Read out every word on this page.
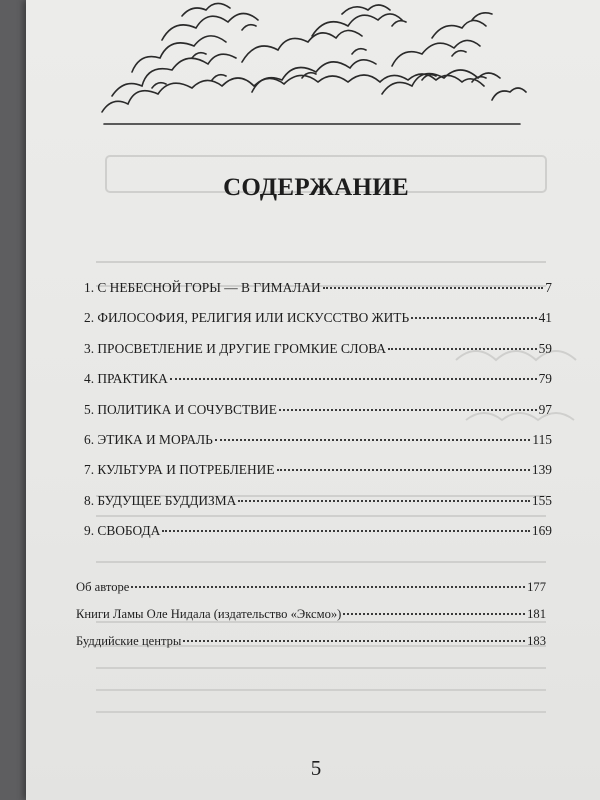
СОДЕРЖАНИЕ
1. С НЕБЕСНОЙ ГОРЫ — В ГИМАЛАИ	7
2. ФИЛОСОФИЯ, РЕЛИГИЯ ИЛИ ИСКУССТВО ЖИТЬ	41
3. ПРОСВЕТЛЕНИЕ И ДРУГИЕ ГРОМКИЕ СЛОВА	59
4. ПРАКТИКА	79
5. ПОЛИТИКА И СОЧУВСТВИЕ	97
6. ЭТИКА И МОРАЛЬ	115
7. КУЛЬТУРА И ПОТРЕБЛЕНИЕ	139
8. БУДУЩЕЕ БУДДИЗМА	155
9. СВОБОДА	169
Об авторе	177
Книги Ламы Оле Нидала (издательство «Эксмо»)	181
Буддийские центры	183
5
